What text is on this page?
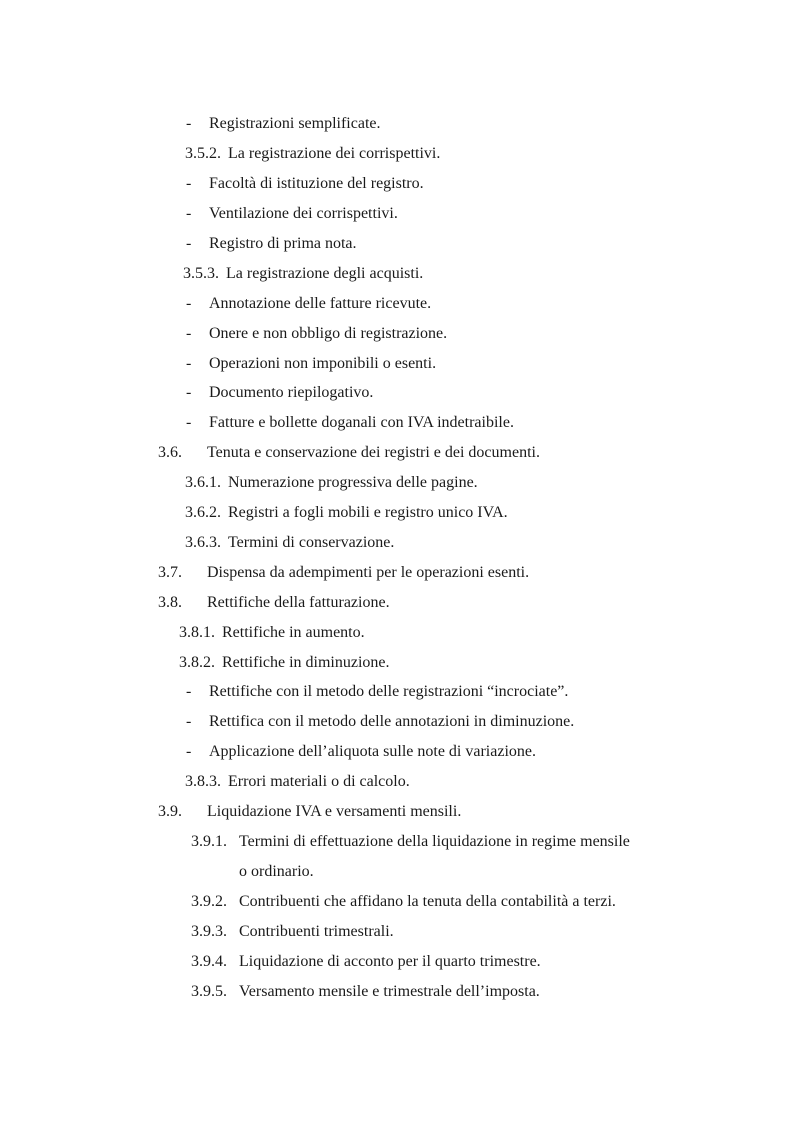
- Registrazioni semplificate.
3.5.2. La registrazione dei corrispettivi.
- Facoltà di istituzione del registro.
- Ventilazione dei corrispettivi.
- Registro di prima nota.
3.5.3. La registrazione degli acquisti.
- Annotazione delle fatture ricevute.
- Onere e non obbligo di registrazione.
- Operazioni non imponibili o esenti.
- Documento riepilogativo.
- Fatture e bollette doganali con IVA indetraibile.
3.6. Tenuta e conservazione dei registri e dei documenti.
3.6.1. Numerazione progressiva delle pagine.
3.6.2. Registri a fogli mobili e registro unico IVA.
3.6.3. Termini di conservazione.
3.7. Dispensa da adempimenti per le operazioni esenti.
3.8. Rettifiche della fatturazione.
3.8.1. Rettifiche in aumento.
3.8.2. Rettifiche in diminuzione.
- Rettifiche con il metodo delle registrazioni “incrociate”.
- Rettifica con il metodo delle annotazioni in diminuzione.
- Applicazione dell’aliquota sulle note di variazione.
3.8.3. Errori materiali o di calcolo.
3.9. Liquidazione IVA e versamenti mensili.
3.9.1. Termini di effettuazione della liquidazione in regime mensile
o ordinario.
3.9.2. Contribuenti che affidano la tenuta della contabilità a terzi.
3.9.3. Contribuenti trimestrali.
3.9.4. Liquidazione di acconto per il quarto trimestre.
3.9.5. Versamento mensile e trimestrale dell’imposta.
